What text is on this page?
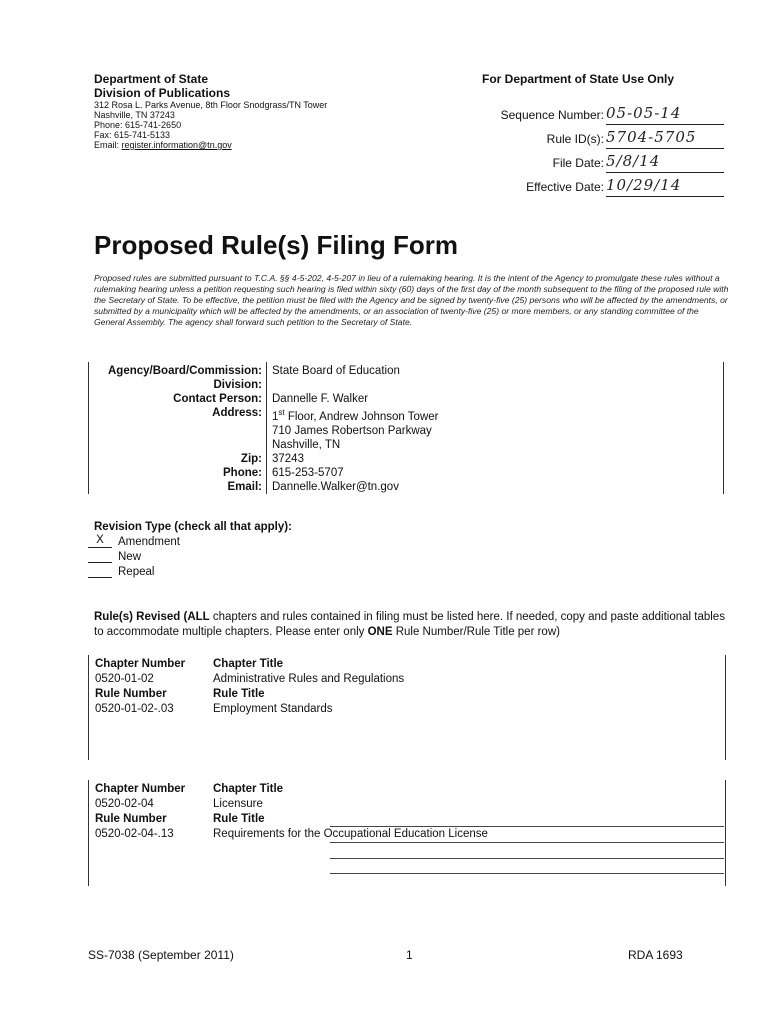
Department of State
Division of Publications
312 Rosa L. Parks Avenue, 8th Floor Snodgrass/TN Tower
Nashville, TN 37243
Phone: 615-741-2650
Fax: 615-741-5133
Email: register.information@tn.gov
For Department of State Use Only
Sequence Number: 05-05-14
Rule ID(s): 5704-5705
File Date: 5/8/14
Effective Date: 10/29/14
Proposed Rule(s) Filing Form
Proposed rules are submitted pursuant to T.C.A. §§ 4-5-202, 4-5-207 in lieu of a rulemaking hearing. It is the intent of the Agency to promulgate these rules without a rulemaking hearing unless a petition requesting such hearing is filed within sixty (60) days of the first day of the month subsequent to the filing of the proposed rule with the Secretary of State. To be effective, the petition must be filed with the Agency and be signed by twenty-five (25) persons who will be affected by the amendments, or submitted by a municipality which will be affected by the amendments, or an association of twenty-five (25) or more members, or any standing committee of the General Assembly. The agency shall forward such petition to the Secretary of State.
Agency/Board/Commission: State Board of Education
Division:
Contact Person: Dannelle F. Walker
Address: 1st Floor, Andrew Johnson Tower
710 James Robertson Parkway
Nashville, TN
Zip: 37243
Phone: 615-253-5707
Email: Dannelle.Walker@tn.gov
Revision Type (check all that apply):
X	Amendment
New
Repeal
Rule(s) Revised (ALL chapters and rules contained in filing must be listed here. If needed, copy and paste additional tables to accommodate multiple chapters. Please enter only ONE Rule Number/Rule Title per row)
Chapter Number	Chapter Title
0520-01-02	Administrative Rules and Regulations
Rule Number	Rule Title
0520-01-02-.03	Employment Standards
Chapter Number	Chapter Title
0520-02-04	Licensure
Rule Number	Rule Title
0520-02-04-.13	Requirements for the Occupational Education License
SS-7038 (September 2011)	1	RDA 1693
